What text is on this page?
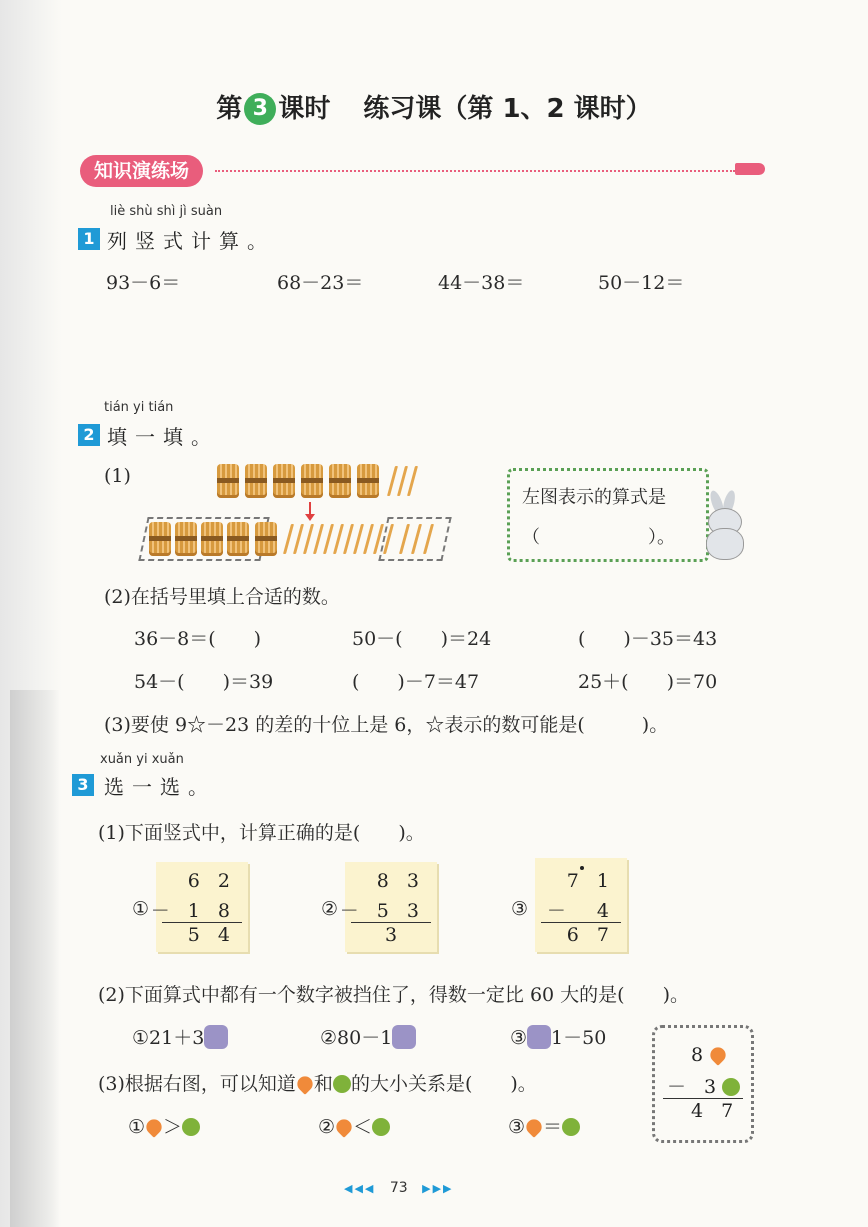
第 3 课时 练习课（第 1、2 课时）
知识演练场
liè shù shì jì suàn
1 列竖式计算。
93－6＝	68－23＝	44－38＝	50－12＝
tián yi tián
2 填一填。
(1)
左图表示的算式是
（　　　　　　）。
(2)在括号里填上合适的数。
36－8＝(　　)	50－(　　)＝24	(　　)－35＝43
54－(　　)＝39	(　　)－7＝47	25＋(　　)＝70
(3)要使 9☆－23 的差的十位上是 6，☆表示的数可能是(　　　)。
xuǎn yi xuǎn
3 选一选。
(1)下面竖式中，计算正确的是(　　)。
①
6 2
－ 1 8
5 4
②
8 3
－ 5 3
3
③
7 1
－　4
6 7
(2)下面算式中都有一个数字被挡住了，得数一定比 60 大的是(　　)。
①21＋3	②80－1	③ 1－50
(3)根据右图，可以知道 和 的大小关系是(　　)。
① ＞	② ＜	③ ＝
8
－ 3
4 7
◀◀◀ 73 ▶▶▶
